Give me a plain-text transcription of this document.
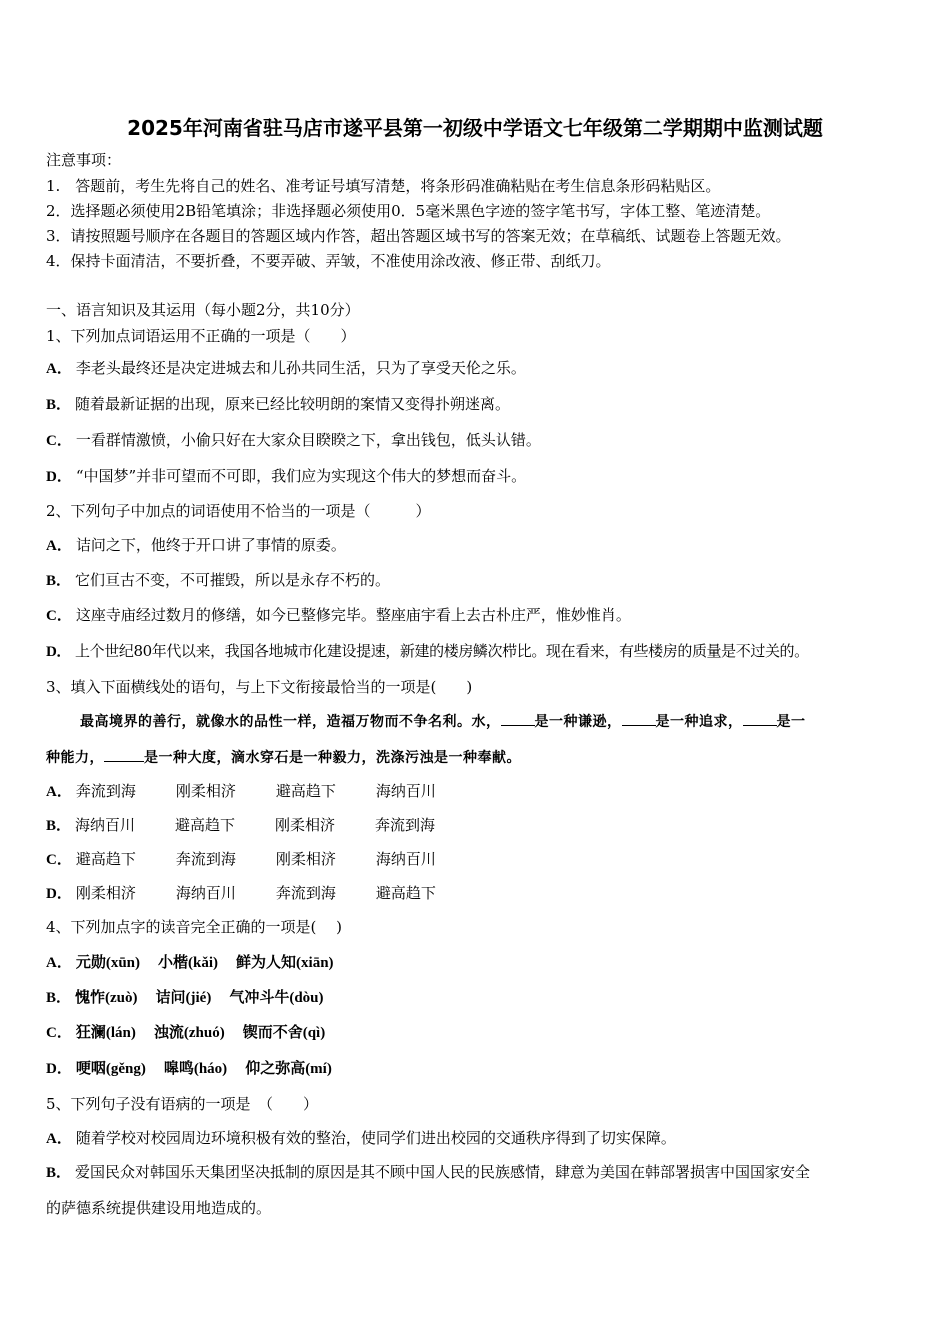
2025年河南省驻马店市遂平县第一初级中学语文七年级第二学期期中监测试题
注意事项：
1.　答题前，考生先将自己的姓名、准考证号填写清楚，将条形码准确粘贴在考生信息条形码粘贴区。
2．选择题必须使用2B铅笔填涂；非选择题必须使用0．5毫米黑色字迹的签字笔书写，字体工整、笔迹清楚。
3．请按照题号顺序在各题目的答题区域内作答，超出答题区域书写的答案无效；在草稿纸、试题卷上答题无效。
4．保持卡面清洁，不要折叠，不要弄破、弄皱，不准使用涂改液、修正带、刮纸刀。
一、语言知识及其运用（每小题2分，共10分）
1、下列加点词语运用不正确的一项是（　　）
A． 李老头最终还是决定进城去和儿孙共同生活，只为了享受天伦之乐。
B． 随着最新证据的出现，原来已经比较明朗的案情又变得扑朔迷离。
C． 一看群情激愤，小偷只好在大家众目睽睽之下，拿出钱包，低头认错。
D． “中国梦”并非可望而不可即，我们应为实现这个伟大的梦想而奋斗。
2、下列句子中加点的词语使用不恰当的一项是（　　　）
A． 诘问之下，他终于开口讲了事情的原委。
B． 它们亘古不变，不可摧毁，所以是永存不朽的。
C． 这座寺庙经过数月的修缮，如今已整修完毕。整座庙宇看上去古朴庄严，惟妙惟肖。
D． 上个世纪80年代以来，我国各地城市化建设提速，新建的楼房鳞次栉比。现在看来，有些楼房的质量是不过关的。
3、填入下面横线处的语句，与上下文衔接最恰当的一项是(　　)
最高境界的善行，就像水的品性一样，造福万物而不争名利。水， 是一种谦逊， 是一种追求， 是一
种能力，	是一种大度，滴水穿石是一种毅力，洗涤污浊是一种奉献。
A． 奔流到海	刚柔相济	避高趋下	海纳百川
B． 海纳百川	避高趋下	刚柔相济	奔流到海
C． 避高趋下	奔流到海	刚柔相济	海纳百川
D． 刚柔相济	海纳百川	奔流到海	避高趋下
4、下列加点字的读音完全正确的一项是(　 )
A． 元勋(xūn) 小楷(kǎi) 鲜为人知(xiān)
B． 愧怍(zuò) 诘问(jié) 气冲斗牛(dòu)
C． 狂澜(lán) 浊流(zhuó) 锲而不舍(qì)
D． 哽咽(gěng) 嗥鸣(háo) 仰之弥高(mí)
5、下列句子没有语病的一项是　（　　）
A． 随着学校对校园周边环境积极有效的整治，使同学们进出校园的交通秩序得到了切实保障。
B． 爱国民众对韩国乐天集团坚决抵制的原因是其不顾中国人民的民族感情，肆意为美国在韩部署损害中国国家安全
的萨德系统提供建设用地造成的。
